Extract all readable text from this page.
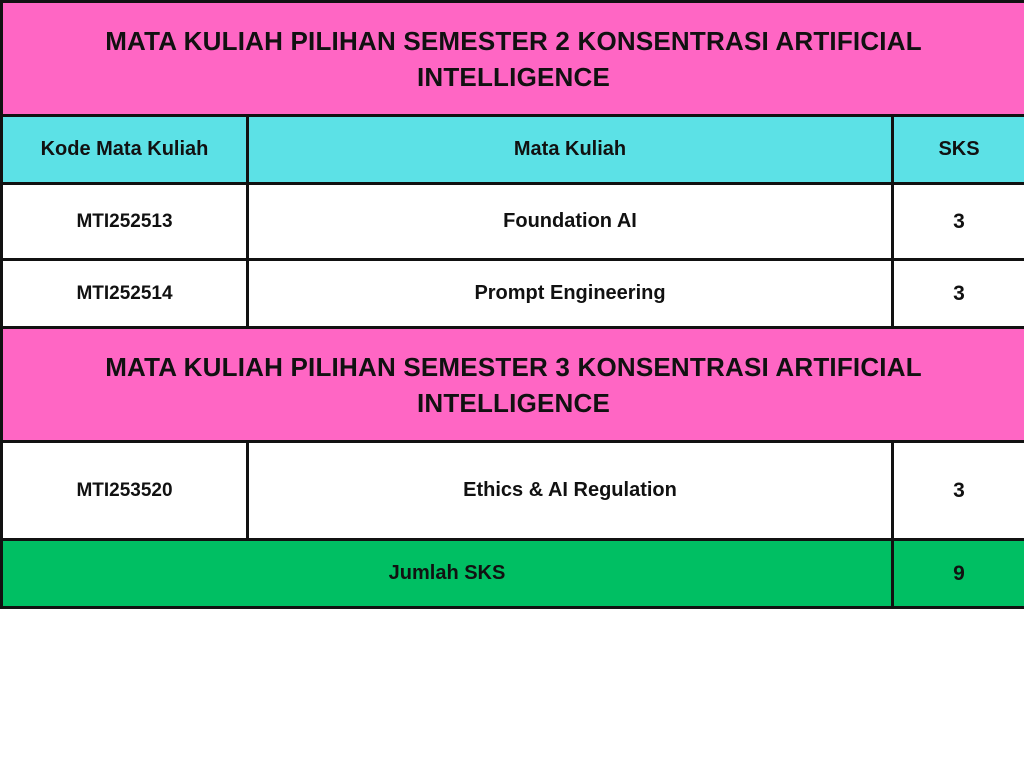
MATA KULIAH PILIHAN SEMESTER 2 KONSENTRASI ARTIFICIAL INTELLIGENCE		
Kode Mata Kuliah	Mata Kuliah	SKS
MTI252513	Foundation AI	3
MTI252514	Prompt Engineering	3
MATA KULIAH PILIHAN SEMESTER 3 KONSENTRASI ARTIFICIAL INTELLIGENCE		
MTI253520	Ethics & AI Regulation	3
Jumlah SKS		9
